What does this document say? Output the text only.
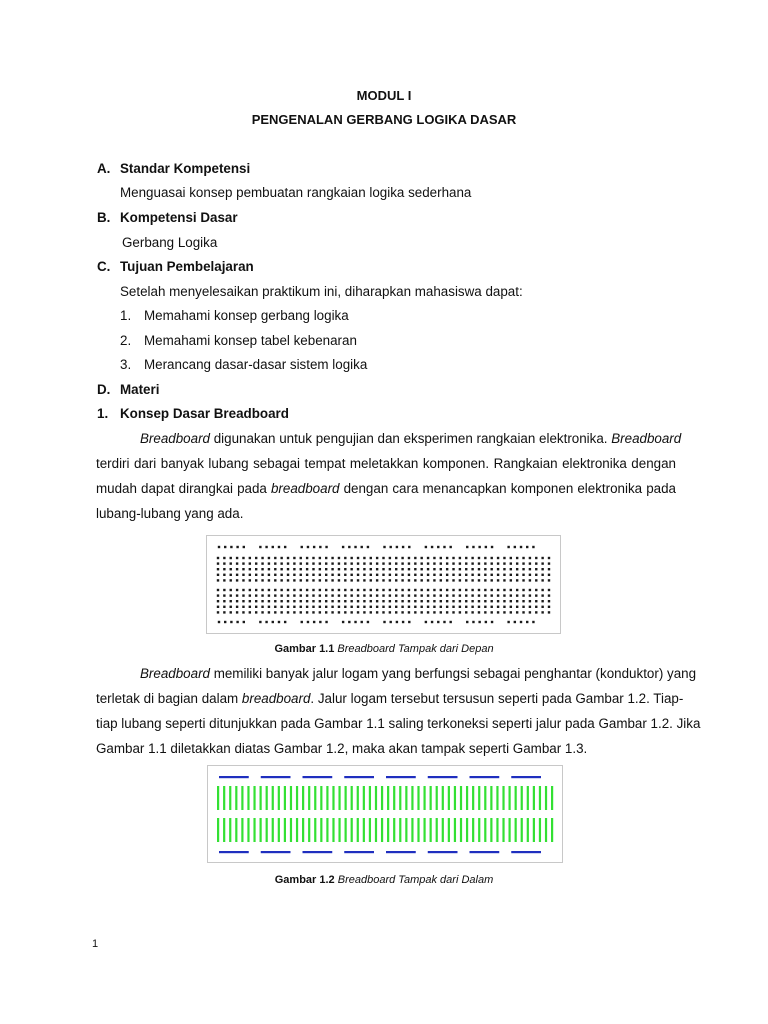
MODUL I
PENGENALAN GERBANG LOGIKA DASAR
A. Standar Kompetensi
Menguasai konsep pembuatan rangkaian logika sederhana
B. Kompetensi Dasar
Gerbang Logika
C. Tujuan Pembelajaran
Setelah menyelesaikan praktikum ini, diharapkan mahasiswa dapat:
1. Memahami konsep gerbang logika
2. Memahami konsep tabel kebenaran
3. Merancang dasar-dasar sistem logika
D. Materi
1. Konsep Dasar Breadboard
Breadboard digunakan untuk pengujian dan eksperimen rangkaian elektronika. Breadboard
terdiri dari banyak lubang sebagai tempat meletakkan komponen. Rangkaian elektronika dengan
mudah dapat dirangkai pada breadboard dengan cara menancapkan komponen elektronika pada
lubang-lubang yang ada.
Gambar 1.1 Breadboard Tampak dari Depan
Breadboard memiliki banyak jalur logam yang berfungsi sebagai penghantar (konduktor) yang
terletak di bagian dalam breadboard. Jalur logam tersebut tersusun seperti pada Gambar 1.2. Tiap-
tiap lubang seperti ditunjukkan pada Gambar 1.1 saling terkoneksi seperti jalur pada Gambar 1.2. Jika
Gambar 1.1 diletakkan diatas Gambar 1.2, maka akan tampak seperti Gambar 1.3.
Gambar 1.2 Breadboard Tampak dari Dalam
1
